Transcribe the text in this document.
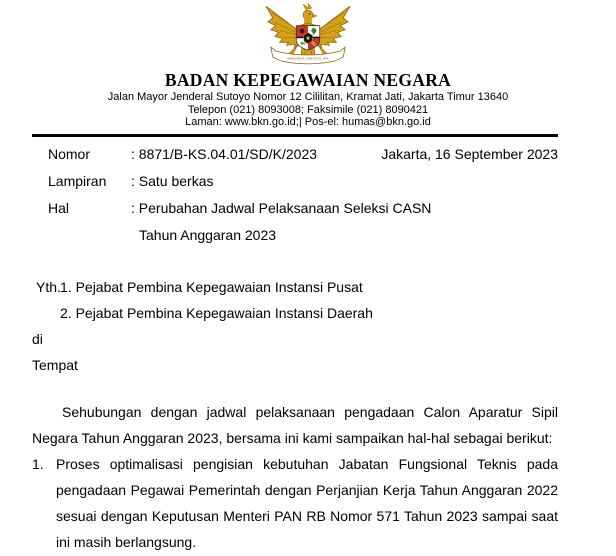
BHINNEKA TUNGGAL IKA
BADAN KEPEGAWAIAN NEGARA
Jalan Mayor Jenderal Sutoyo Nomor 12 Cililitan, Kramat Jati, Jakarta Timur 13640
Telepon (021) 8093008; Faksimile (021) 8090421
Laman: www.bkn.go.id;| Pos-el: humas@bkn.go.id
Nomor	: 8871/B-KS.04.01/SD/K/2023
Lampiran	: Satu berkas
Hal	: Perubahan Jadwal Pelaksanaan Seleksi CASN
Tahun Anggaran 2023
Jakarta, 16 September 2023
Yth.1. Pejabat Pembina Kepegawaian Instansi Pusat
2. Pejabat Pembina Kepegawaian Instansi Daerah
di
Tempat
Sehubungan dengan jadwal pelaksanaan pengadaan Calon Aparatur Sipil Negara Tahun Anggaran 2023, bersama ini kami sampaikan hal-hal sebagai berikut:
1. Proses optimalisasi pengisian kebutuhan Jabatan Fungsional Teknis pada pengadaan Pegawai Pemerintah dengan Perjanjian Kerja Tahun Anggaran 2022 sesuai dengan Keputusan Menteri PAN RB Nomor 571 Tahun 2023 sampai saat ini masih berlangsung.
